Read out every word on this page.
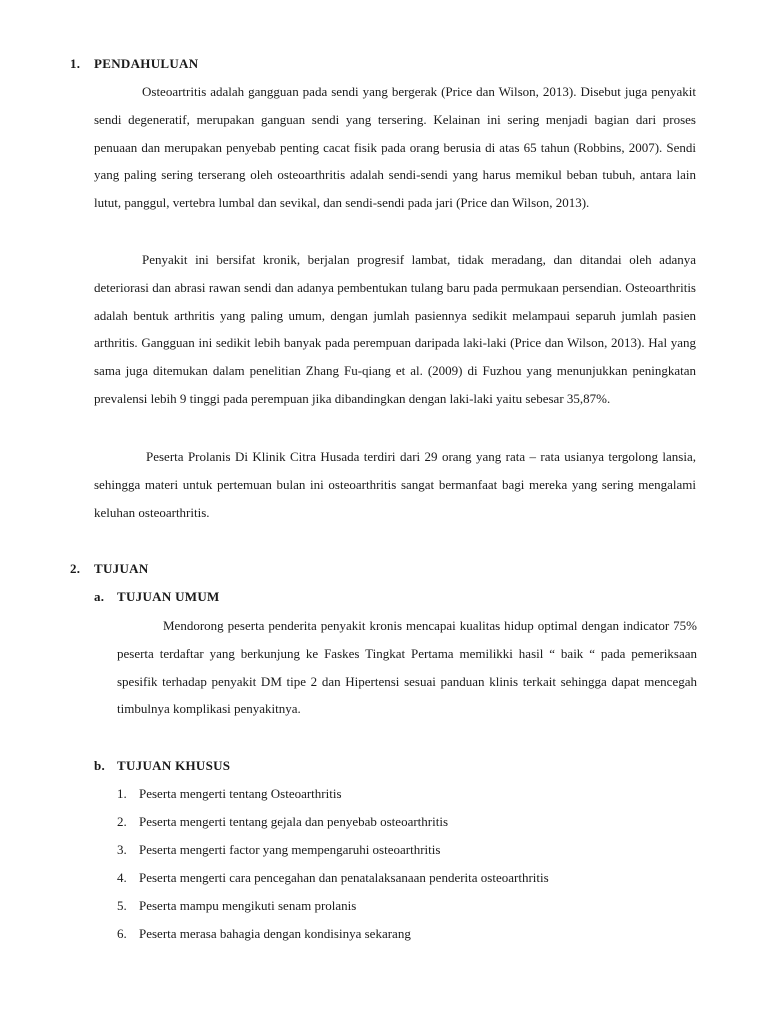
1. PENDAHULUAN

Osteoartritis adalah gangguan pada sendi yang bergerak (Price dan Wilson, 2013). Disebut juga penyakit sendi degeneratif, merupakan ganguan sendi yang tersering. Kelainan ini sering menjadi bagian dari proses penuaan dan merupakan penyebab penting cacat fisik pada orang berusia di atas 65 tahun (Robbins, 2007). Sendi yang paling sering terserang oleh osteoarthritis adalah sendi-sendi yang harus memikul beban tubuh, antara lain lutut, panggul, vertebra lumbal dan sevikal, dan sendi-sendi pada jari (Price dan Wilson, 2013).

Penyakit ini bersifat kronik, berjalan progresif lambat, tidak meradang, dan ditandai oleh adanya deteriorasi dan abrasi rawan sendi dan adanya pembentukan tulang baru pada permukaan persendian. Osteoarthritis adalah bentuk arthritis yang paling umum, dengan jumlah pasiennya sedikit melampaui separuh jumlah pasien arthritis. Gangguan ini sedikit lebih banyak pada perempuan daripada laki-laki (Price dan Wilson, 2013). Hal yang sama juga ditemukan dalam penelitian Zhang Fu-qiang et al. (2009) di Fuzhou yang menunjukkan peningkatan prevalensi lebih 9 tinggi pada perempuan jika dibandingkan dengan laki-laki yaitu sebesar 35,87%.

Peserta Prolanis Di Klinik Citra Husada terdiri dari 29 orang yang rata – rata usianya tergolong lansia, sehingga materi untuk pertemuan bulan ini osteoarthritis sangat bermanfaat bagi mereka yang sering mengalami keluhan osteoarthritis.

2. TUJUAN
a. TUJUAN UMUM

Mendorong peserta penderita penyakit kronis mencapai kualitas hidup optimal dengan indicator 75% peserta terdaftar yang berkunjung ke Faskes Tingkat Pertama memilikki hasil “ baik “ pada pemeriksaan spesifik terhadap penyakit DM tipe 2 dan Hipertensi sesuai panduan klinis terkait sehingga dapat mencegah timbulnya komplikasi penyakitnya.

b. TUJUAN KHUSUS
1. Peserta mengerti tentang Osteoarthritis
2. Peserta mengerti tentang gejala dan penyebab osteoarthritis
3. Peserta mengerti factor yang mempengaruhi osteoarthritis
4. Peserta mengerti cara pencegahan dan penatalaksanaan penderita osteoarthritis
5. Peserta mampu mengikuti senam prolanis
6. Peserta merasa bahagia dengan kondisinya sekarang
